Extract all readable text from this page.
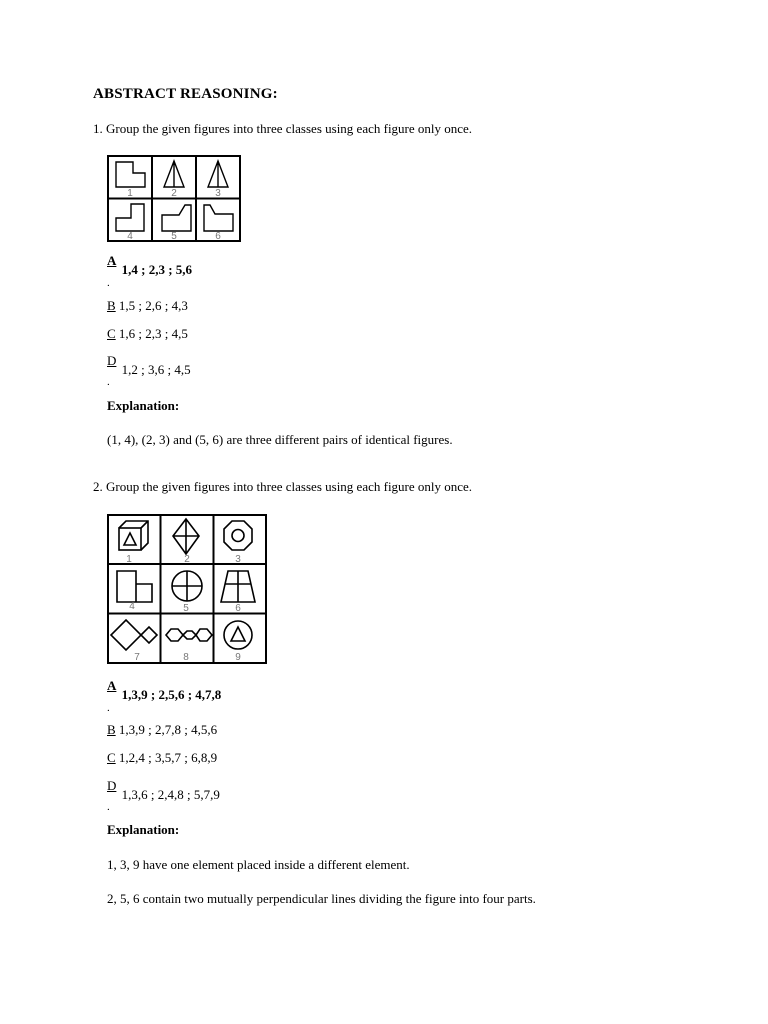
ABSTRACT REASONING:
1. Group the given figures into three classes using each figure only once.
1	2	3
4	5	6
A 1,4 ; 2,3 ; 5,6
.
B 1,5 ; 2,6 ; 4,3
C 1,6 ; 2,3 ; 4,5
D 1,2 ; 3,6 ; 4,5
.
Explanation:
(1, 4), (2, 3) and (5, 6) are three different pairs of identical figures.
2. Group the given figures into three classes using each figure only once.
1	2	3
4	5	6
7	8	9
A 1,3,9 ; 2,5,6 ; 4,7,8
.
B 1,3,9 ; 2,7,8 ; 4,5,6
C 1,2,4 ; 3,5,7 ; 6,8,9
D 1,3,6 ; 2,4,8 ; 5,7,9
.
Explanation:
1, 3, 9 have one element placed inside a different element.
2, 5, 6 contain two mutually perpendicular lines dividing the figure into four parts.
